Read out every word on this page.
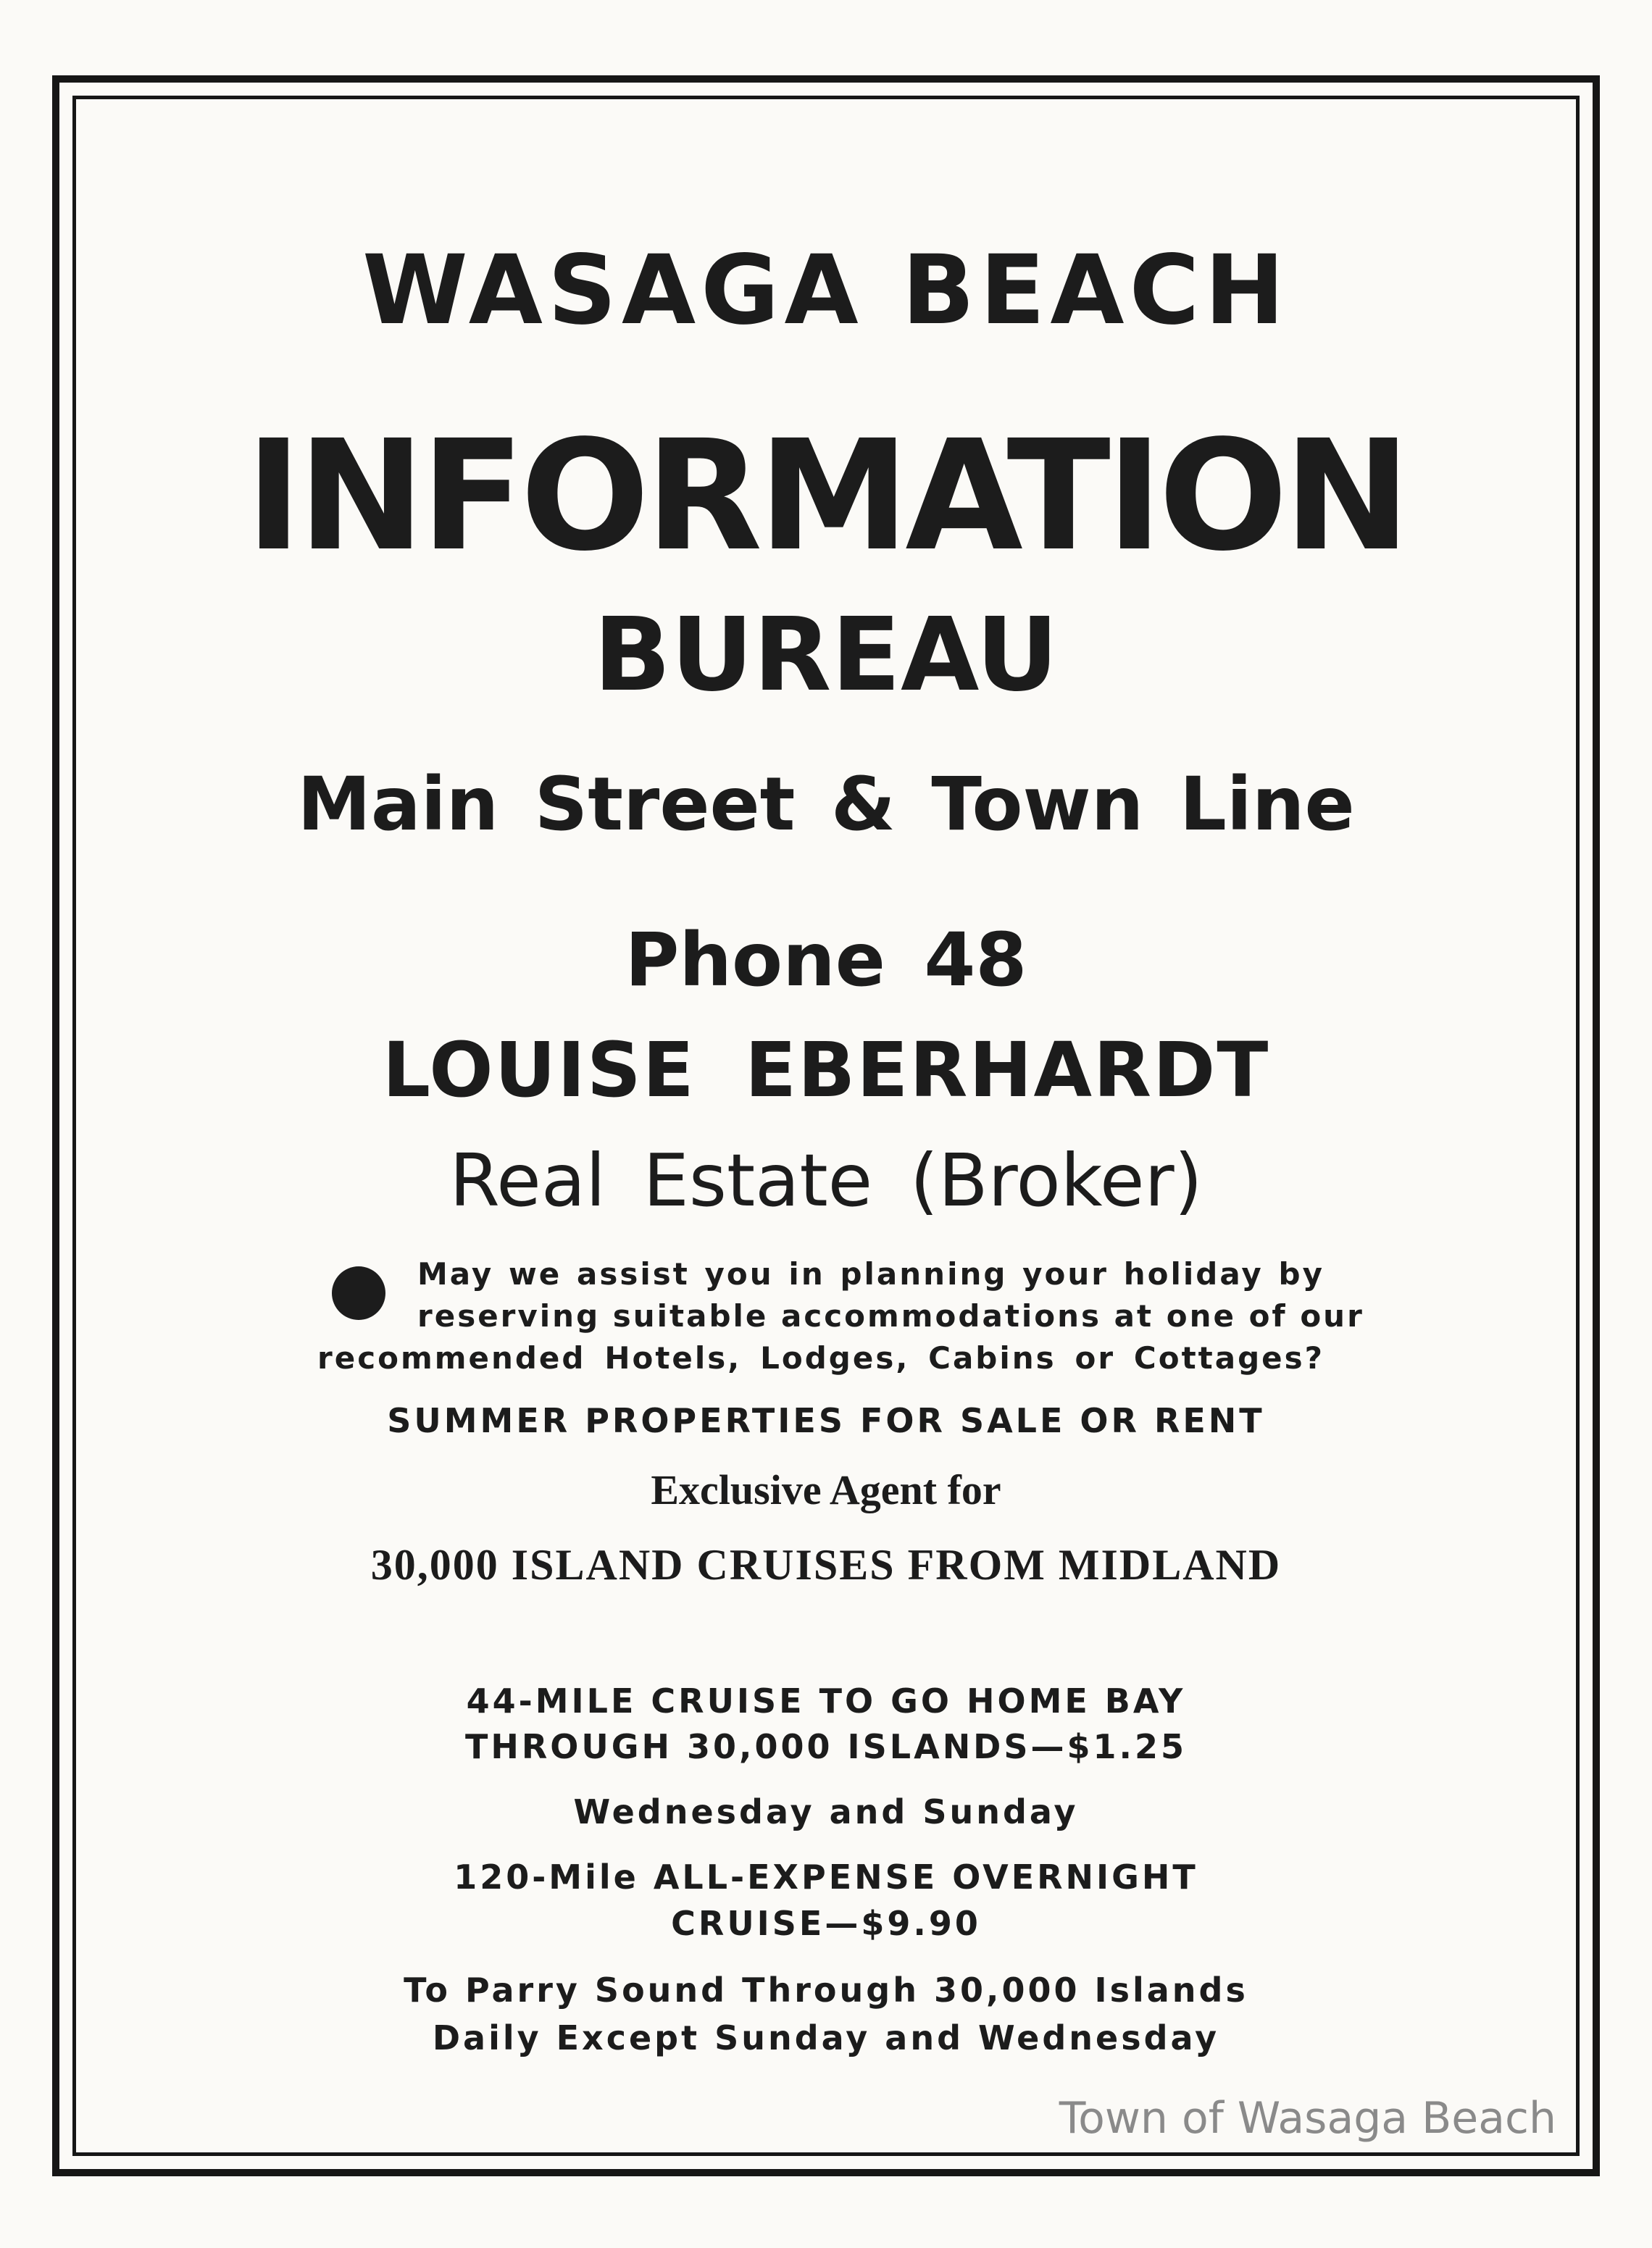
WASAGA BEACH
INFORMATION
BUREAU

Main Street & Town Line

Phone 48

LOUISE EBERHARDT

Real Estate (Broker)

May we assist you in planning your holiday by

reserving suitable accommodations at one of our

recommended Hotels, Lodges, Cabins or Cottages?

SUMMER PROPERTIES FOR SALE OR RENT

Exclusive Agent for

30,000 ISLAND CRUISES FROM MIDLAND

44-MILE CRUISE TO GO HOME BAY

THROUGH 30,000 ISLANDS—$1.25

Wednesday and Sunday

120-Mile ALL-EXPENSE OVERNIGHT

CRUISE—$9.90

To Parry Sound Through 30,000 Islands

Daily Except Sunday and Wednesday

Town of Wasaga Beach
